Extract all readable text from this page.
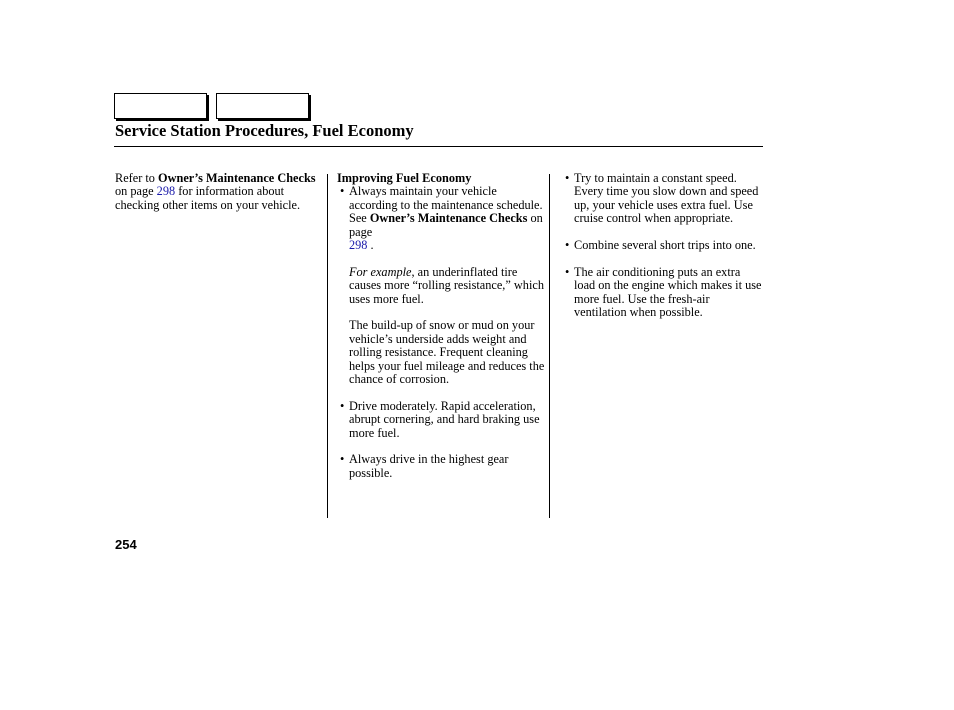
Service Station Procedures, Fuel Economy
Refer to Owner’s Maintenance Checks on page 298 for information about checking other items on your vehicle.
Improving Fuel Economy
• Always maintain your vehicle according to the maintenance schedule. See Owner’s Maintenance Checks on page
298 .
For example, an underinflated tire causes more “rolling resistance,” which uses more fuel.
The build-up of snow or mud on your vehicle’s underside adds weight and rolling resistance. Frequent cleaning helps your fuel mileage and reduces the chance of corrosion.
• Drive moderately. Rapid acceleration, abrupt cornering, and hard braking use more fuel.
• Always drive in the highest gear possible.
• Try to maintain a constant speed. Every time you slow down and speed up, your vehicle uses extra fuel. Use cruise control when appropriate.
• Combine several short trips into one.
• The air conditioning puts an extra load on the engine which makes it use more fuel. Use the fresh-air ventilation when possible.
254
